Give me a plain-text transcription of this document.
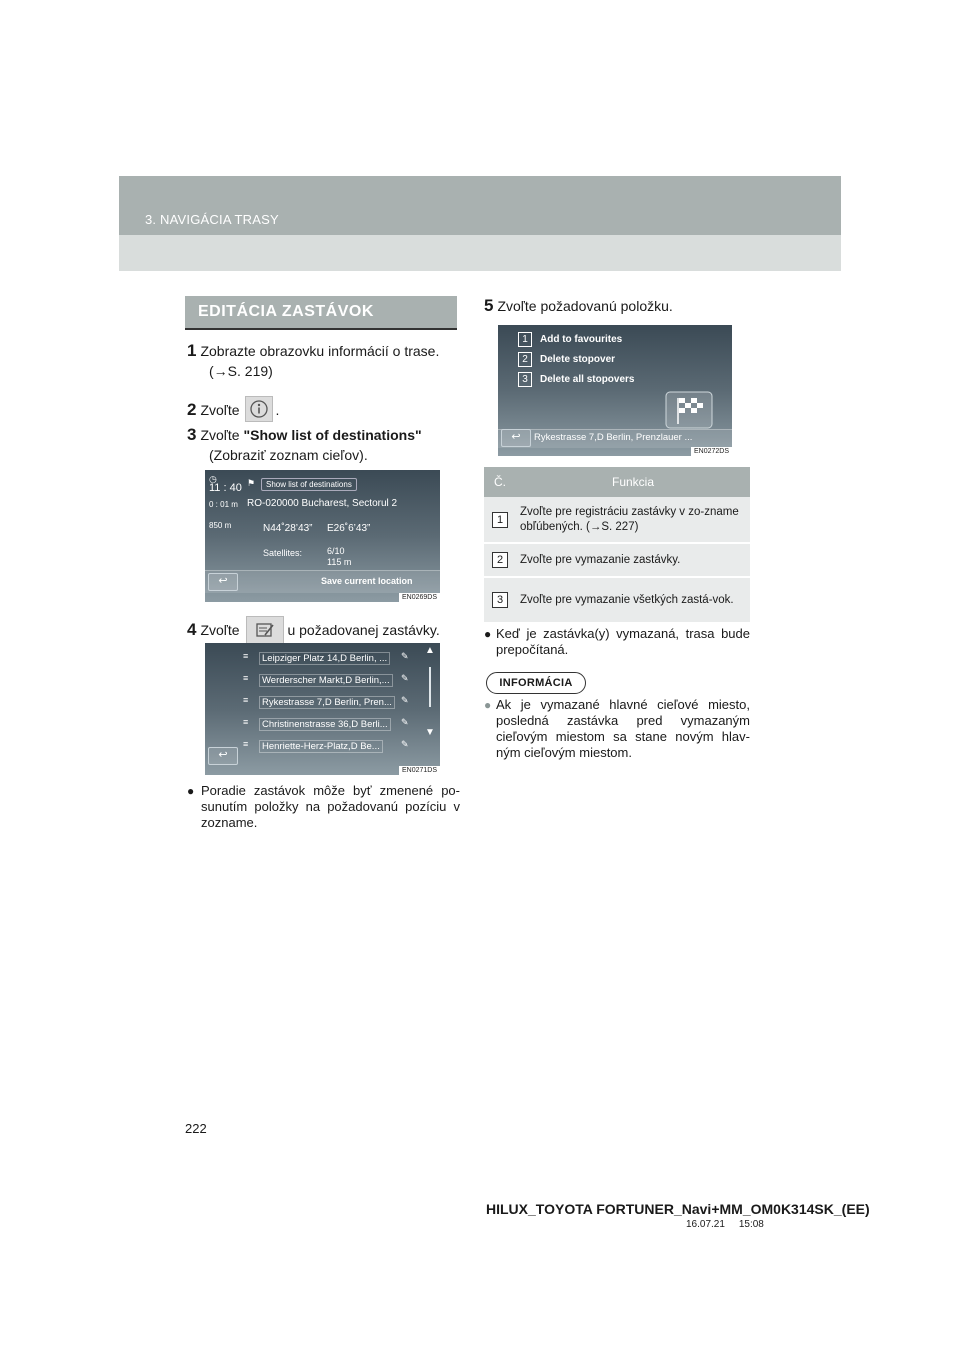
3. NAVIGÁCIA TRASY
EDITÁCIA ZASTÁVOK
1 Zobrazte obrazovku informácií o trase.
(→S. 219)
2 Zvoľte	.
3 Zvoľte "Show list of destinations"
(Zobraziť zoznam cieľov).
◷
11 : 40
0 : 01 m
850 m
⚑	Show list of destinations
RO-020000 Bucharest, Sectorul 2
N44˚28’43” E26˚6’43”
Satellites:	6/10
115 m
↩	Save current location
EN0269DS
4 Zvoľte	u požadovanej zastávky.
≡	Leipziger Platz 14,D Berlin, ...	✎
≡	Werderscher Markt,D Berlin,...	✎
≡	Rykestrasse 7,D Berlin, Pren...	✎
≡	Christinenstrasse 36,D Berli...	✎
≡	Henriette-Herz-Platz,D Be...	✎
▲
▼
↩
EN0271DS
● Poradie zastávok môže byť zmenené po-sunutím položky na požadovanú pozíciu v zozname.
5 Zvoľte požadovanú položku.
1	Add to favourites
2	Delete stopover
3	Delete all stopovers
↩	Rykestrasse 7,D Berlin, Prenzlauer ...
EN0272DS
Č.	Funkcia
1	Zvoľte pre registráciu zastávky v zo-zname obľúbených. (→S. 227)
2	Zvoľte pre vymazanie zastávky.
3	Zvoľte pre vymazanie všetkých zastá-vok.
● Keď je zastávka(y) vymazaná, trasa bude prepočítaná.
INFORMÁCIA
● Ak je vymazané hlavné cieľové miesto, posledná zastávka pred vymazaným cieľovým miestom sa stane novým hlav-ným cieľovým miestom.
222
HILUX_TOYOTA FORTUNER_Navi+MM_OM0K314SK_(EE)
16.07.21     15:08
